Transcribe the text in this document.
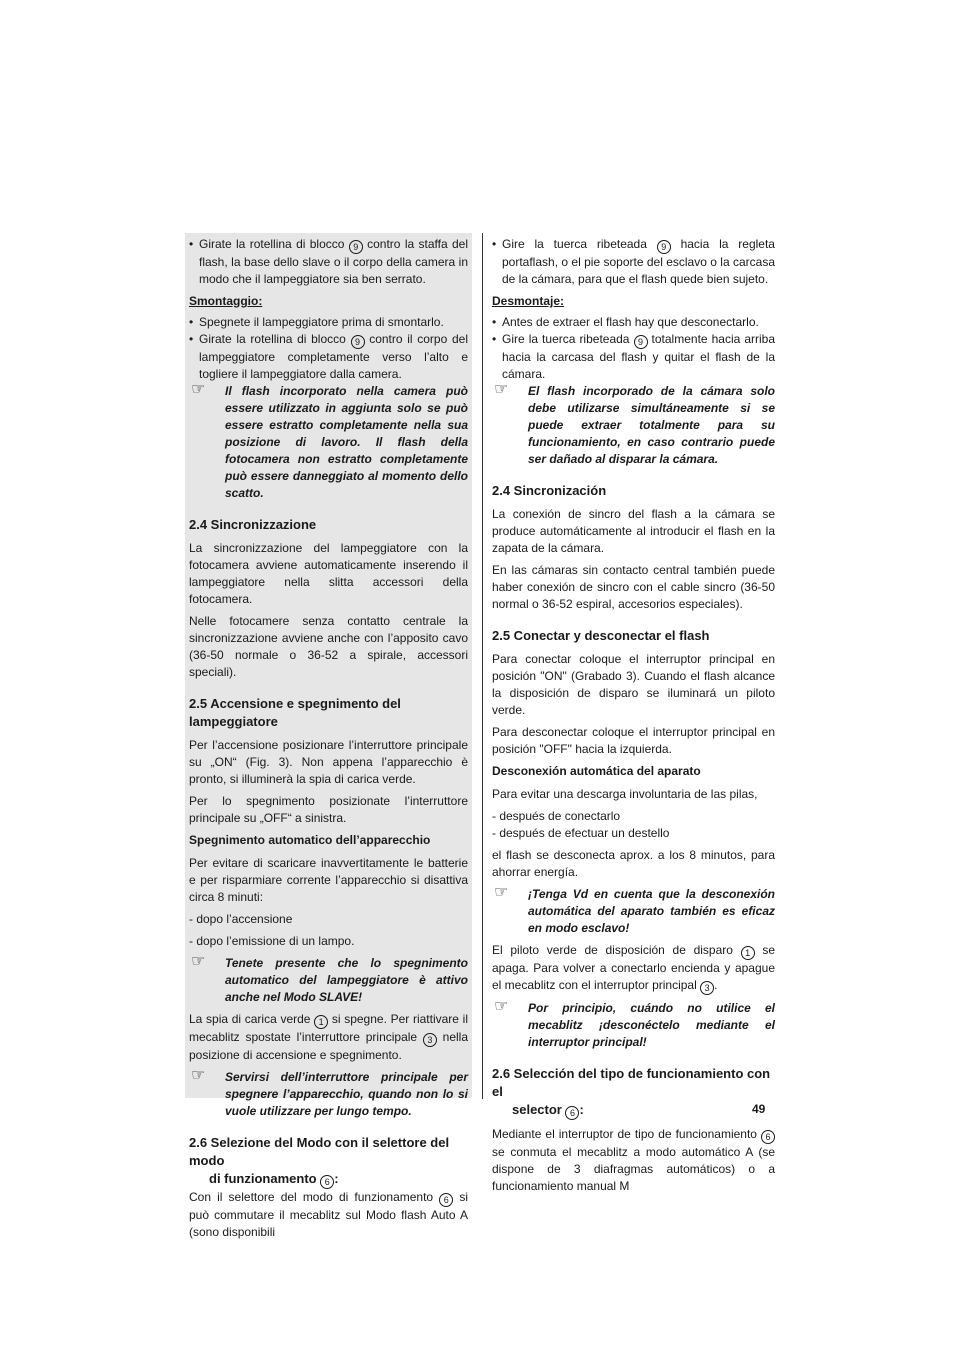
• Girate la rotellina di blocco 9 contro la staffa del flash, la base dello slave o il corpo della camera in modo che il lampeggiatore sia ben serrato.

Smontaggio:

• Spegnete il lampeggiatore prima di smontarlo.

• Girate la rotellina di blocco 9 contro il corpo del lampeggiatore completamente verso l’alto e togliere il lampeggiatore dalla camera.

☞ Il flash incorporato nella camera può essere utilizzato in aggiunta solo se può essere estratto completamente nella sua posizione di lavoro. Il flash della fotocamera non estratto completamente può essere danneggiato al momento dello scatto.
2.4 Sincronizzazione

La sincronizzazione del lampeggiatore con la fotocamera avviene automaticamente inserendo il lampeggiatore nella slitta accessori della fotocamera.

Nelle fotocamere senza contatto centrale la sincronizzazione avviene anche con l’apposito cavo (36-50 normale o 36-52 a spirale, accessori speciali).

2.5 Accensione e spegnimento del lampeggiatore

Per l’accensione posizionare l’interruttore principale su „ON“ (Fig. 3). Non appena l’apparecchio è pronto, si illuminerà la spia di carica verde.

Per lo spegnimento posizionate l’interruttore principale su „OFF“ a sinistra.

Spegnimento automatico dell’apparecchio

Per evitare di scaricare inavvertitamente le batterie e per risparmiare corrente l’apparecchio si disattiva circa 8 minuti:

- dopo l’accensione

- dopo l’emissione di un lampo.

☞ Tenete presente che lo spegnimento automatico del lampeggiatore è attivo anche nel Modo SLAVE!

La spia di carica verde 1 si spegne. Per riattivare il mecablitz spostate l’interruttore principale 3 nella posizione di accensione e spegnimento.

☞ Servirsi dell’interruttore principale per spegnere l’apparecchio, quando non lo si vuole utilizzare per lungo tempo.
2.6 Selezione del Modo con il selettore del modo
di funzionamento 6 :

Con il selettore del modo di funzionamento 6 si può commutare il mecablitz sul Modo flash Auto A (sono disponibili

• Gire la tuerca ribeteada 9 hacia la regleta portaflash, o el pie soporte del esclavo o la carcasa de la cámara, para que el flash quede bien sujeto.

Desmontaje:

• Antes de extraer el flash hay que desconectarlo.

• Gire la tuerca ribeteada 9 totalmente hacia arriba hacia la carcasa del flash y quitar el flash de la cámara.

☞ El flash incorporado de la cámara solo debe utilizarse simultáneamente si se puede extraer totalmente para su funcionamiento, en caso contrario puede ser dañado al disparar la cámara.
2.4 Sincronización

La conexión de sincro del flash a la cámara se produce automáticamente al introducir el flash en la zapata de la cámara.

En las cámaras sin contacto central también puede haber conexión de sincro con el cable sincro (36-50 normal o 36-52 espiral, accesorios especiales).

2.5 Conectar y desconectar el flash

Para conectar coloque el interruptor principal en posición "ON" (Grabado 3). Cuando el flash alcance la disposición de disparo se iluminará un piloto verde.

Para desconectar coloque el interruptor principal en posición "OFF" hacia la izquierda.

Desconexión automática del aparato

Para evitar una descarga involuntaria de las pilas,

- después de conectarlo

- después de efectuar un destello

el flash se desconecta aprox. a los 8 minutos, para ahorrar energía.

☞ ¡Tenga Vd en cuenta que la desconexión automática del aparato también es eficaz en modo esclavo!

El piloto verde de disposición de disparo 1 se apaga. Para volver a conectarlo encienda y apague el mecablitz con el interruptor principal 3 .

☞ Por principio, cuándo no utilice el mecablitz ¡desconéctelo mediante el interruptor principal!
2.6 Selección del tipo de funcionamiento con el
selector 6 :

Mediante el interruptor de tipo de funcionamiento 6 se conmuta el mecablitz a modo automático A (se dispone de 3 diafragmas automáticos) o a funcionamiento manual M

49
